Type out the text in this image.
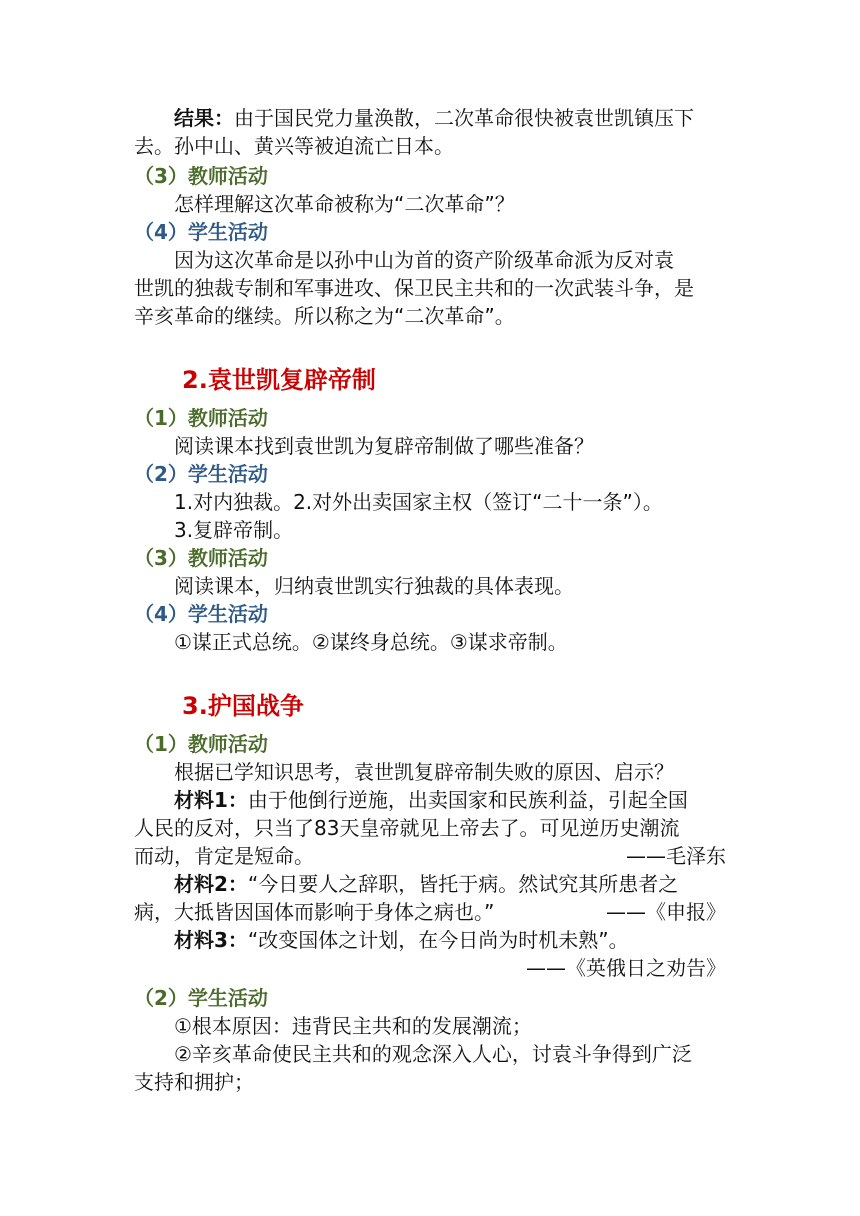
结果：由于国民党力量涣散，二次革命很快被袁世凯镇压下
去。孙中山、黄兴等被迫流亡日本。
（3）教师活动
怎样理解这次革命被称为“二次革命”？
（4）学生活动
因为这次革命是以孙中山为首的资产阶级革命派为反对袁
世凯的独裁专制和军事进攻、保卫民主共和的一次武装斗争，是
辛亥革命的继续。所以称之为“二次革命”。
2.袁世凯复辟帝制
（1）教师活动
阅读课本找到袁世凯为复辟帝制做了哪些准备？
（2）学生活动
1.对内独裁。2.对外出卖国家主权（签订“二十一条”）。
3.复辟帝制。
（3）教师活动
阅读课本，归纳袁世凯实行独裁的具体表现。
（4）学生活动
①谋正式总统。②谋终身总统。③谋求帝制。
3.护国战争
（1）教师活动
根据已学知识思考，袁世凯复辟帝制失败的原因、启示？
材料1：由于他倒行逆施，出卖国家和民族利益，引起全国
人民的反对，只当了83天皇帝就见上帝去了。可见逆历史潮流
而动，肯定是短命。	——毛泽东
材料2：“今日要人之辞职，皆托于病。然试究其所患者之
病，大抵皆因国体而影响于身体之病也。”	——《申报》
材料3：“改变国体之计划，在今日尚为时机未熟”。
——《英俄日之劝告》
（2）学生活动
①根本原因：违背民主共和的发展潮流；
②辛亥革命使民主共和的观念深入人心，讨袁斗争得到广泛
支持和拥护；
